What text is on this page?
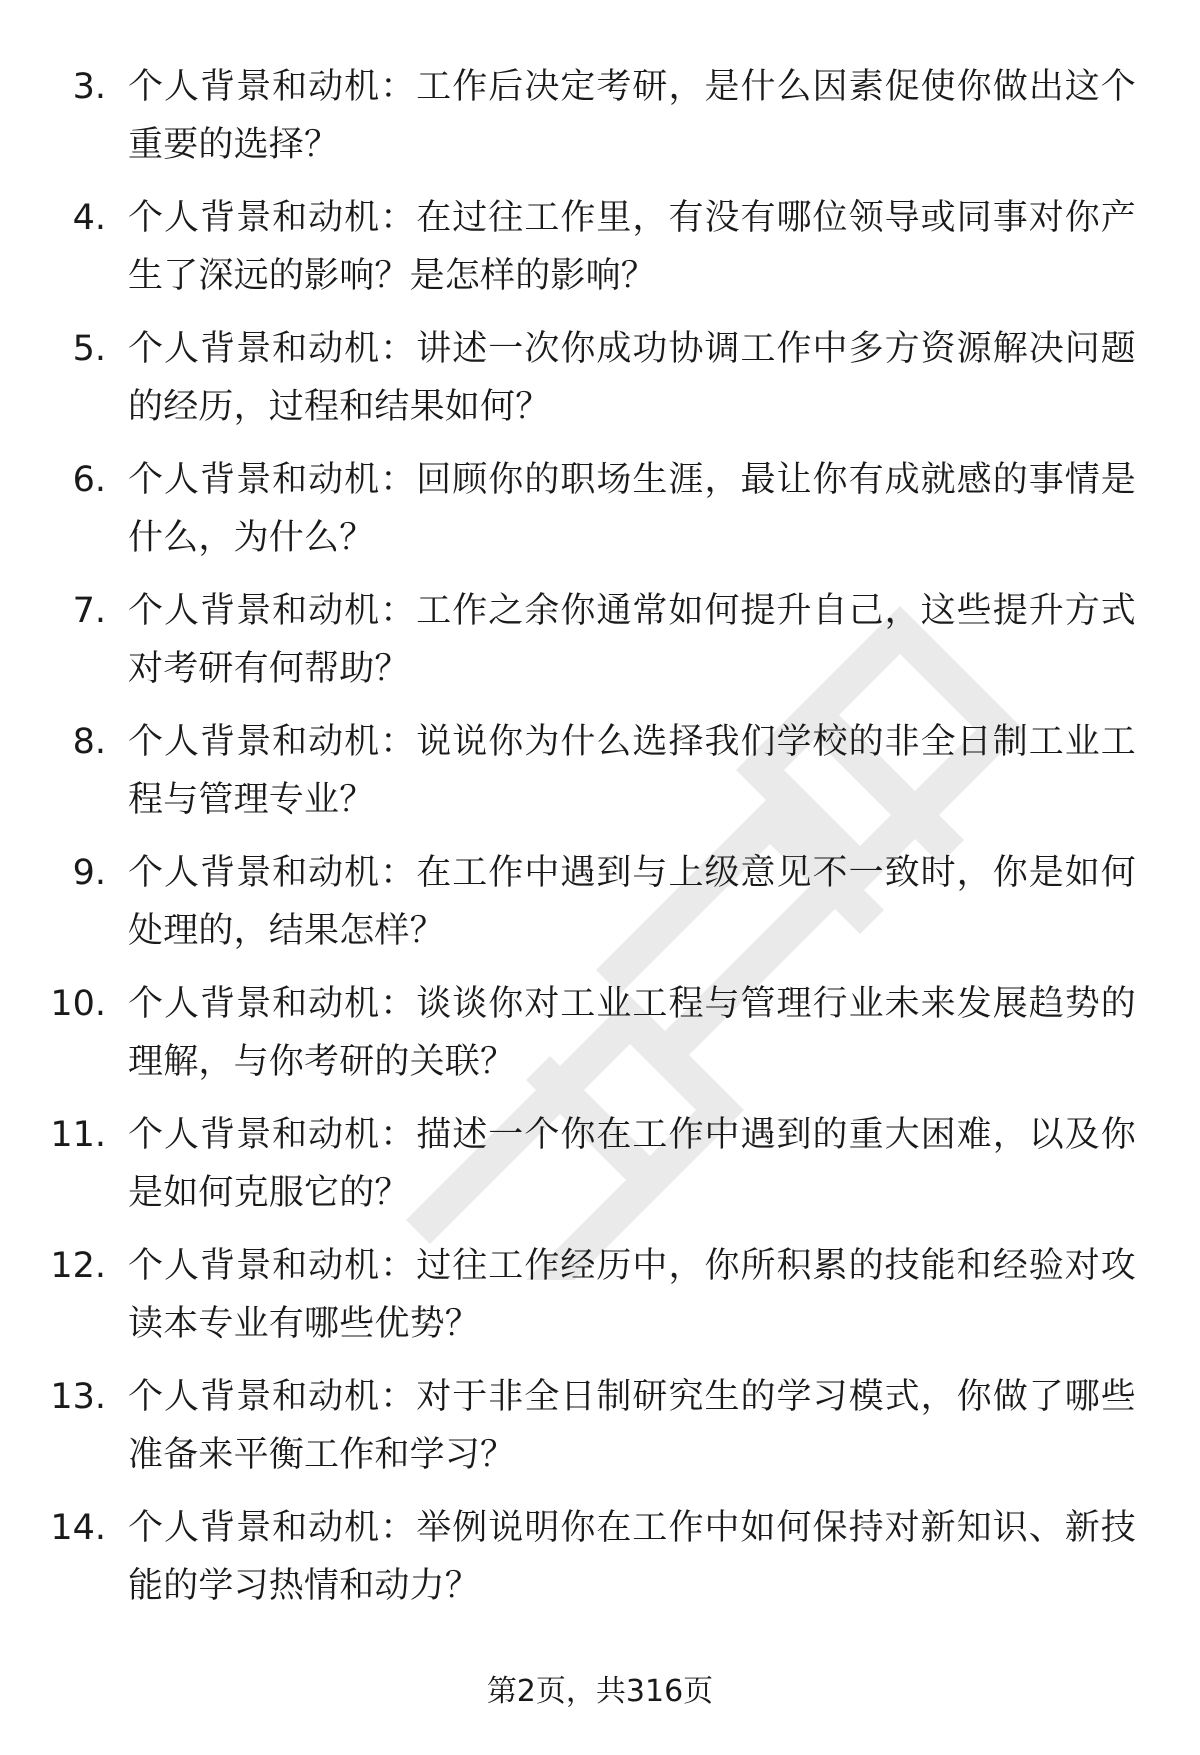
3. 个人背景和动机：工作后决定考研，是什么因素促使你做出这个重要的选择？
4. 个人背景和动机：在过往工作里，有没有哪位领导或同事对你产生了深远的影响？是怎样的影响？
5. 个人背景和动机：讲述一次你成功协调工作中多方资源解决问题的经历，过程和结果如何？
6. 个人背景和动机：回顾你的职场生涯，最让你有成就感的事情是什么，为什么？
7. 个人背景和动机：工作之余你通常如何提升自己，这些提升方式对考研有何帮助？
8. 个人背景和动机：说说你为什么选择我们学校的非全日制工业工程与管理专业？
9. 个人背景和动机：在工作中遇到与上级意见不一致时，你是如何处理的，结果怎样？
10. 个人背景和动机：谈谈你对工业工程与管理行业未来发展趋势的理解，与你考研的关联？
11. 个人背景和动机：描述一个你在工作中遇到的重大困难，以及你是如何克服它的？
12. 个人背景和动机：过往工作经历中，你所积累的技能和经验对攻读本专业有哪些优势？
13. 个人背景和动机：对于非全日制研究生的学习模式，你做了哪些准备来平衡工作和学习？
14. 个人背景和动机：举例说明你在工作中如何保持对新知识、新技能的学习热情和动力？
第2页，共316页
